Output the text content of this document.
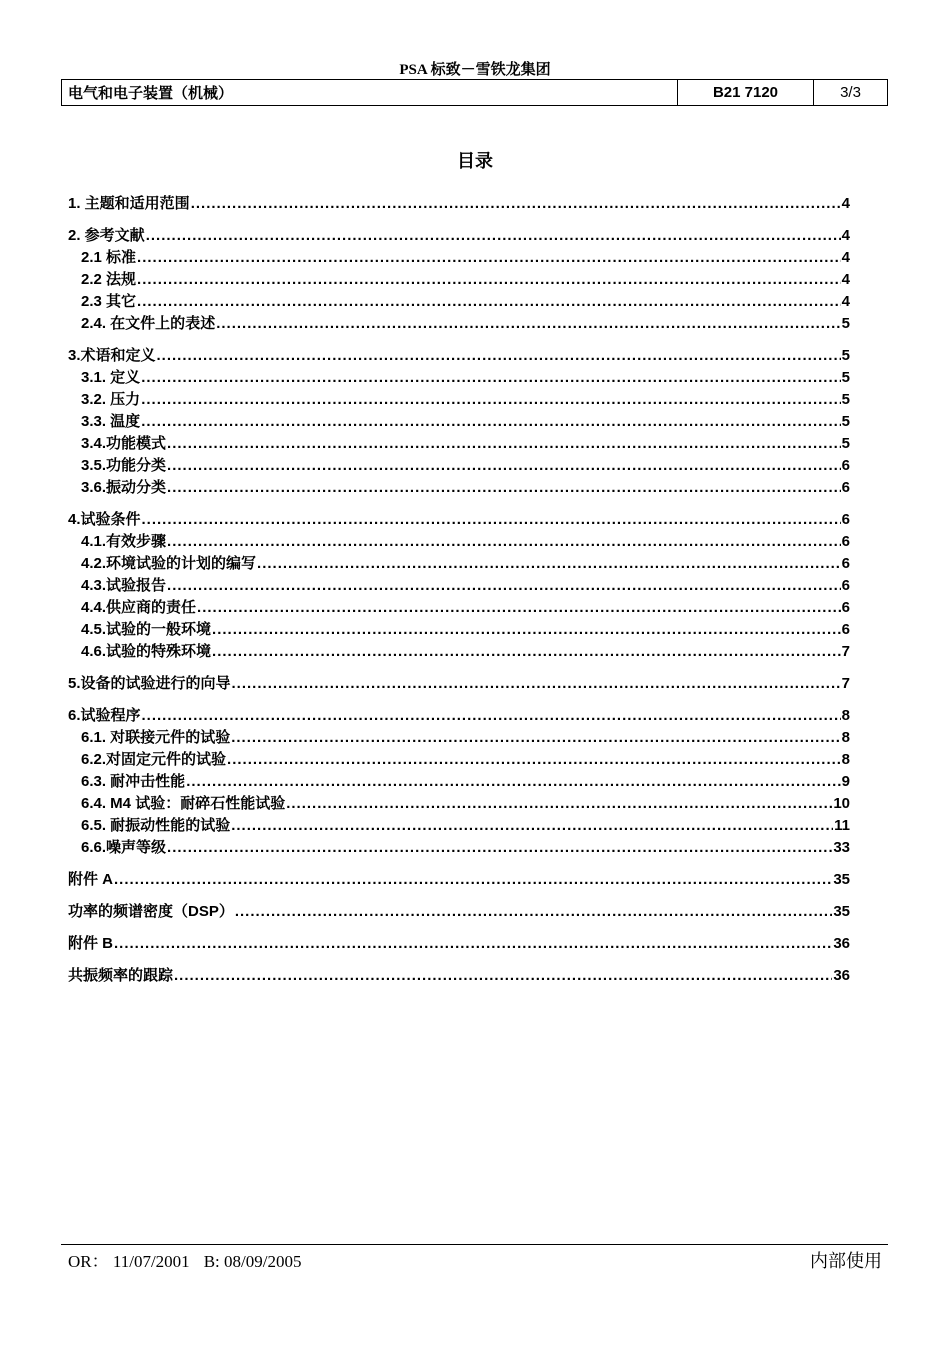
PSA 标致－雪铁龙集团
电气和电子装置（机械）	B21 7120	3/3
目录
1. 主题和适用范围 .....	4
2. 参考文献 .....	4
2.1 标准 .....	4
2.2 法规 .....	4
2.3 其它 .....	4
2.4. 在文件上的表述 .....	5
3.术语和定义 .....	5
3.1. 定义 .....	5
3.2. 压力 .....	5
3.3. 温度 .....	5
3.4.功能模式 .....	5
3.5.功能分类 .....	6
3.6.振动分类 .....	6
4.试验条件 .....	6
4.1.有效步骤 .....	6
4.2.环境试验的计划的编写 .....	6
4.3.试验报告 .....	6
4.4.供应商的责任 .....	6
4.5.试验的一般环境 .....	6
4.6.试验的特殊环境 .....	7
5.设备的试验进行的向导 .....	7
6.试验程序 .....	8
6.1. 对联接元件的试验 .....	8
6.2.对固定元件的试验 .....	8
6.3. 耐冲击性能 .....	9
6.4. M4 试验：耐碎石性能试验 .....	10
6.5. 耐振动性能的试验 .....	11
6.6.噪声等级 .....	33
附件 A .....	35
功率的频谱密度（DSP） .....	35
附件 B .....	36
共振频率的跟踪 .....	36
OR： 11/07/2001 B: 08/09/2005	内部使用
